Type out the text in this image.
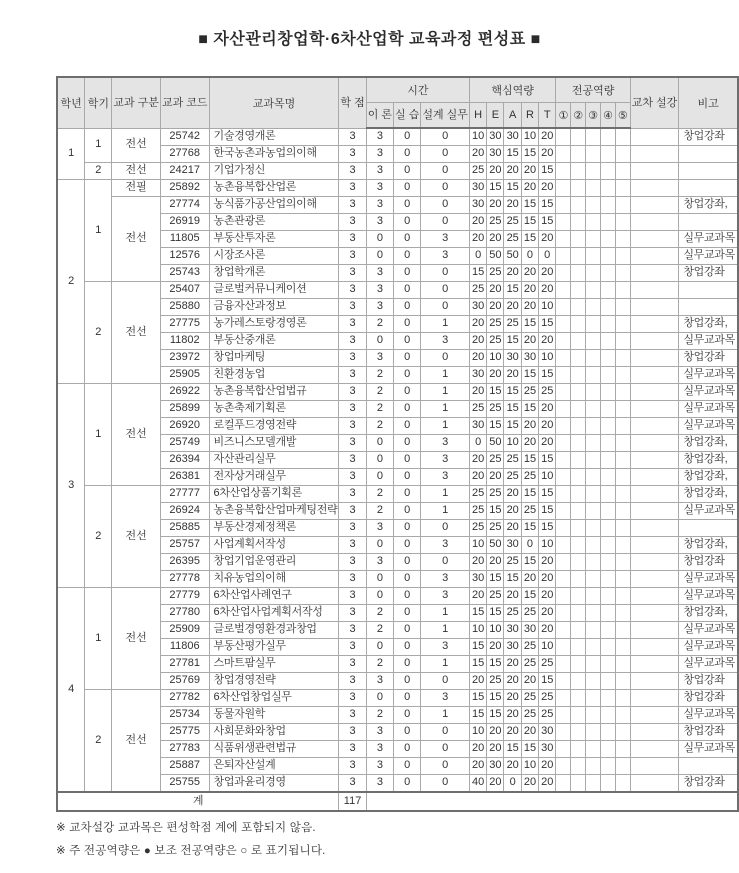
■ 자산관리창업학·6차산업학 교육과정 편성표 ■
학년	학기	교과 구분	교과 코드	교과목명	학 점	시간			핵심역량					전공역량					교차 설강	비고
						이 론	실 습	설계 실무	H	E	A	R	T	①	②	③	④	⑤		
1	1	전선	25742	기술경영개론	3	3	0	0	10	30	30	10	20							창업강좌
			27768	한국농촌과농업의이해	3	3	0	0	20	30	15	15	20							
	2	전선	24217	기업가정신	3	3	0	0	25	20	20	20	15							
2	1	전필	25892	농촌융복합산업론	3	3	0	0	30	15	15	20	20							
		전선	27774	농식품가공산업의이해	3	3	0	0	30	20	20	15	15							창업강좌,
			26919	농촌관광론	3	3	0	0	20	25	25	15	15							
			11805	부동산투자론	3	0	0	3	20	20	25	15	20							실무교과목
			12576	시장조사론	3	0	0	3	0	50	50	0	0							실무교과목
			25743	창업학개론	3	3	0	0	15	25	20	20	20							창업강좌
	2	전선	25407	글로벌커뮤니케이션	3	3	0	0	25	20	15	20	20							
			25880	금융자산과정보	3	3	0	0	30	20	20	20	10							
			27775	농가레스토랑경영론	3	2	0	1	20	25	25	15	15							창업강좌,
			11802	부동산중개론	3	0	0	3	20	25	15	20	20							실무교과목
			23972	창업마케팅	3	3	0	0	20	10	30	30	10							창업강좌
			25905	친환경농업	3	2	0	1	30	20	20	15	15							실무교과목
3	1	전선	26922	농촌융복합산업법규	3	2	0	1	20	15	15	25	25							실무교과목
			25899	농촌축제기획론	3	2	0	1	25	25	15	15	20							실무교과목
			26920	로컬푸드경영전략	3	2	0	1	30	15	15	20	20							실무교과목
			25749	비즈니스모델개발	3	0	0	3	0	50	10	20	20							창업강좌,
			26394	자산관리실무	3	0	0	3	20	25	25	15	15							창업강좌,
			26381	전자상거래실무	3	0	0	3	20	20	25	25	10							창업강좌,
	2	전선	27777	6차산업상품기획론	3	2	0	1	25	25	20	15	15							창업강좌,
			26924	농촌융복합산업마케팅전략	3	2	0	1	25	15	20	25	15							실무교과목
			25885	부동산경제정책론	3	3	0	0	25	25	20	15	15							
			25757	사업계획서작성	3	0	0	3	10	50	30	0	10							창업강좌,
			26395	창업기업운영관리	3	3	0	0	20	20	25	15	20							창업강좌
			27778	치유농업의이해	3	0	0	3	30	15	15	20	20							실무교과목
4	1	전선	27779	6차산업사례연구	3	0	0	3	20	25	20	15	20							실무교과목
			27780	6차산업사업계획서작성	3	2	0	1	15	15	25	25	20							창업강좌,
			25909	글로벌경영환경과창업	3	2	0	1	10	10	30	30	20							실무교과목
			11806	부동산평가실무	3	0	0	3	15	20	30	25	10							실무교과목
			27781	스마트팜실무	3	2	0	1	15	15	20	25	25							실무교과목
			25769	창업경영전략	3	3	0	0	20	25	20	20	15							창업강좌
	2	전선	27782	6차산업창업실무	3	0	0	3	15	15	20	25	25							창업강좌
			25734	동물자원학	3	2	0	1	15	15	20	25	25							실무교과목
			25775	사회문화와창업	3	3	0	0	10	20	20	20	30							창업강좌
			27783	식품위생관련법규	3	3	0	0	20	20	15	15	30							실무교과목
			25887	은퇴자산설계	3	3	0	0	20	30	20	10	20							
			25755	창업과윤리경영	3	3	0	0	40	20	0	20	20							창업강좌
계					117															
※ 교차설강 교과목은 편성학점 계에 포함되지 않음.
※ 주 전공역량은 ● 보조 전공역량은 ○ 로 표기됩니다.
